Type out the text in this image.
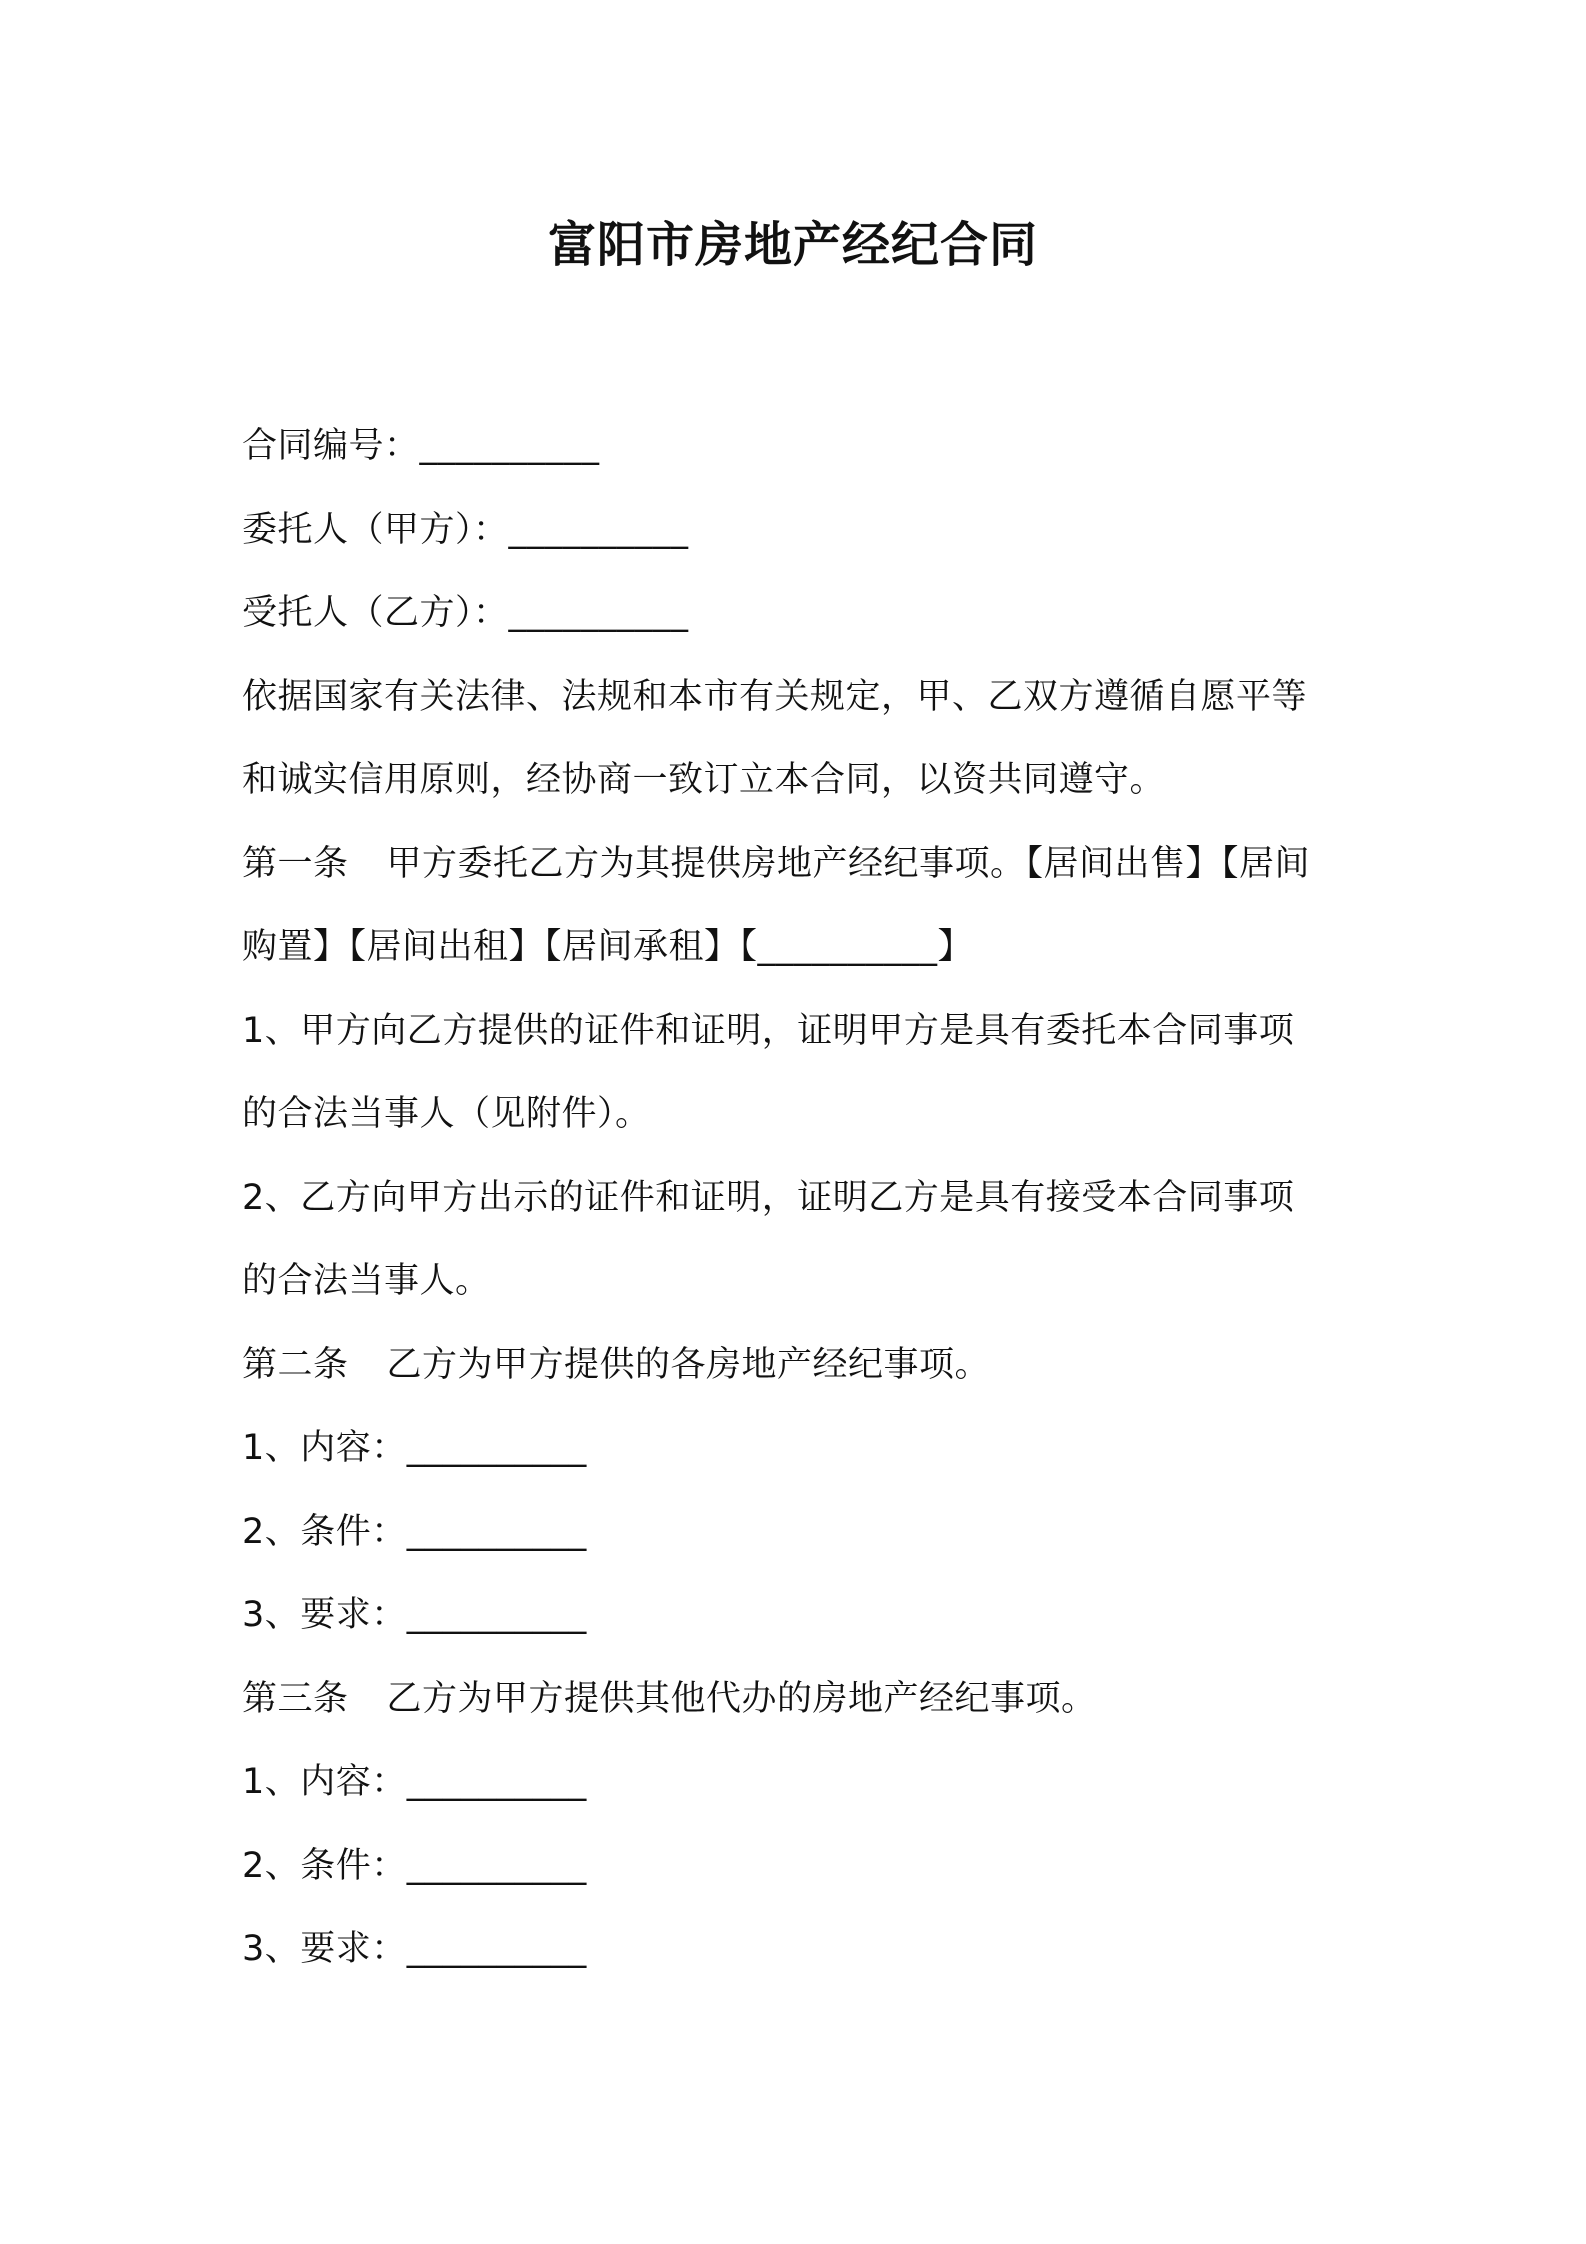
富阳市房地产经纪合同
合同编号：__________
委托人（甲方）：__________
受托人（乙方）：__________
依据国家有关法律、法规和本市有关规定，甲、乙双方遵循自愿平等
和诚实信用原则，经协商一致订立本合同，以资共同遵守。
第一条 甲方委托乙方为其提供房地产经纪事项。【居间出售】【居间
购置】【居间出租】【居间承租】【__________】
1、甲方向乙方提供的证件和证明，证明甲方是具有委托本合同事项
的合法当事人（见附件）。
2、乙方向甲方出示的证件和证明，证明乙方是具有接受本合同事项
的合法当事人。
第二条 乙方为甲方提供的各房地产经纪事项。
1、内容：__________
2、条件：__________
3、要求：__________
第三条 乙方为甲方提供其他代办的房地产经纪事项。
1、内容：__________
2、条件：__________
3、要求：__________
